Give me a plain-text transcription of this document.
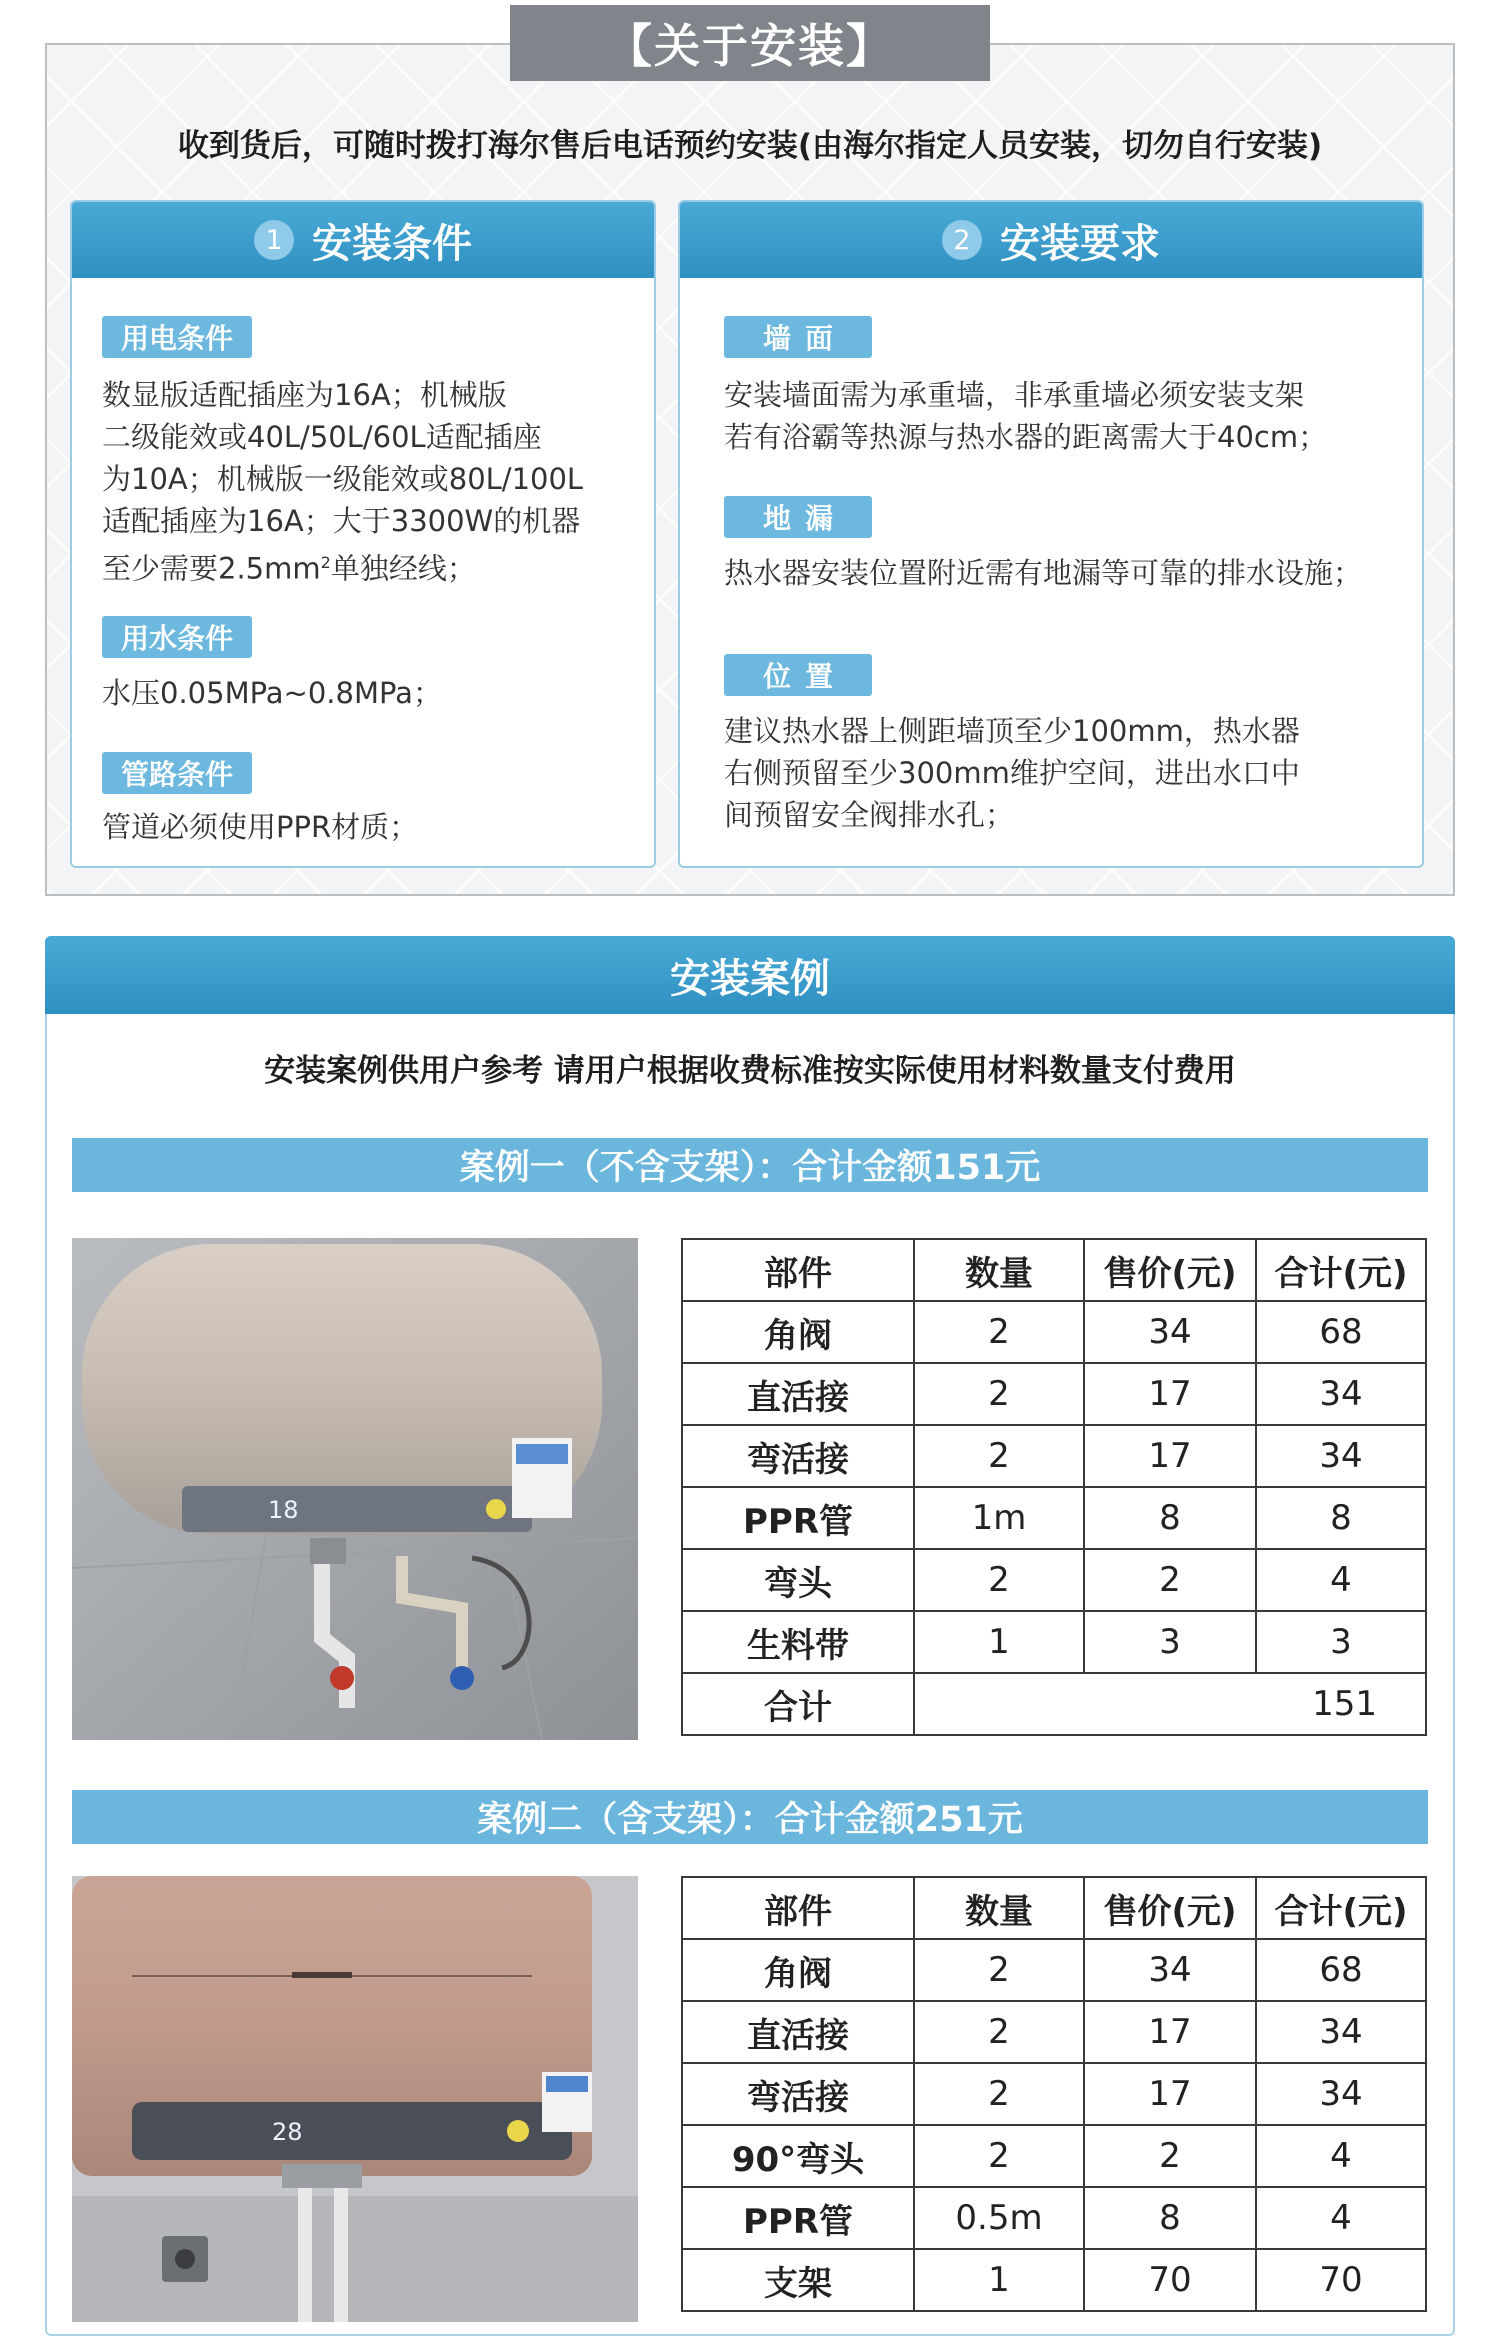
【关于安装】
收到货后，可随时拨打海尔售后电话预约安装(由海尔指定人员安装，切勿自行安装)
1 安装条件
用电条件
数显版适配插座为16A；机械版
二级能效或40L/50L/60L适配插座
为10A；机械版一级能效或80L/100L
适配插座为16A；大于3300W的机器
至少需要$2.5mm^2$单独经线；
用水条件
水压0.05MPa~0.8MPa；
管路条件
管道必须使用PPR材质；
2 安装要求
墙面
安装墙面需为承重墙，非承重墙必须安装支架
若有浴霸等热源与热水器的距离需大于40cm；
地漏
热水器安装位置附近需有地漏等可靠的排水设施；
位置
建议热水器上侧距墙顶至少100mm，热水器
右侧预留至少300mm维护空间，进出水口中
间预留安全阀排水孔；
安装案例
安装案例供用户参考 请用户根据收费标准按实际使用材料数量支付费用
案例一（不含支架）：合计金额151元
18
部件	数量	售价(元)	合计(元)
角阀	2	34	68
直活接	2	17	34
弯活接	2	17	34
PPR管	1m	8	8
弯头	2	2	4
生料带	1	3	3
合计	151		
案例二（含支架）：合计金额251元
28
部件	数量	售价(元)	合计(元)
角阀	2	34	68
直活接	2	17	34
弯活接	2	17	34
90°弯头	2	2	4
PPR管	0.5m	8	4
支架	1	70	70
